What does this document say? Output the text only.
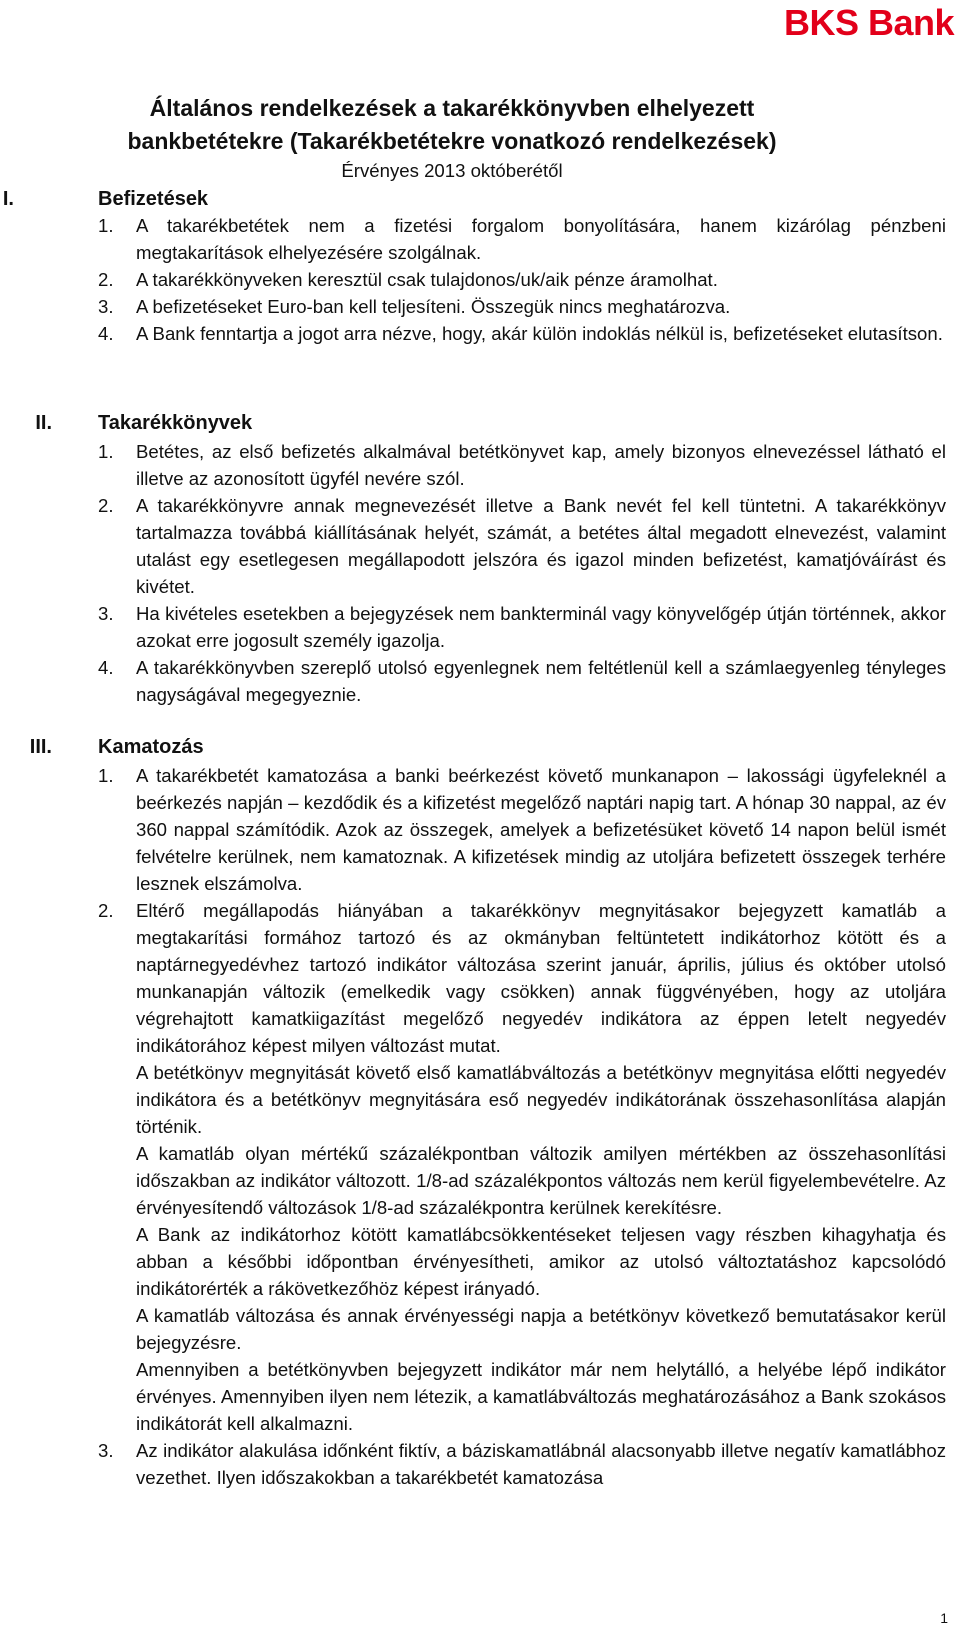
BKS Bank

Általános rendelkezések a takarékkönyvben elhelyezett bankbetétekre (Takarékbetétekre vonatkozó rendelkezések)

Érvényes 2013 októberétől

I.	Befizetések
1. A takarékbetétek nem a fizetési forgalom bonyolítására, hanem kizárólag pénzbeni megtakarítások elhelyezésére szolgálnak.
2. A takarékkönyveken keresztül csak tulajdonos/uk/aik pénze áramolhat.
3. A befizetéseket Euro-ban kell teljesíteni. Összegük nincs meghatározva.
4. A Bank fenntartja a jogot arra nézve, hogy, akár külön indoklás nélkül is, befizetéseket elutasítson.
II. Takarékkönyvek
1. Betétes, az első befizetés alkalmával betétkönyvet kap, amely bizonyos elnevezéssel látható el illetve az azonosított ügyfél nevére szól.
2. A takarékkönyvre annak megnevezését illetve a Bank nevét fel kell tüntetni. A takarékkönyv tartalmazza továbbá kiállításának helyét, számát, a betétes által megadott elnevezést, valamint utalást egy esetlegesen megállapodott jelszóra és igazol minden befizetést, kamatjóváírást és kivétet.
3. Ha kivételes esetekben a bejegyzések nem bankterminál vagy könyvelőgép útján történnek, akkor azokat erre jogosult személy igazolja.
4. A takarékkönyvben szereplő utolsó egyenlegnek nem feltétlenül kell a számlaegyenleg tényleges nagyságával megegyeznie.
III. Kamatozás
1. A takarékbetét kamatozása a banki beérkezést követő munkanapon – lakossági ügyfeleknél a beérkezés napján – kezdődik és a kifizetést megelőző naptári napig tart. A hónap 30 nappal, az év 360 nappal számítódik. Azok az összegek, amelyek a befizetésüket követő 14 napon belül ismét felvételre kerülnek, nem kamatoznak. A kifizetések mindig az utoljára befizetett összegek terhére lesznek elszámolva.
2. Eltérő megállapodás hiányában a takarékkönyv megnyitásakor bejegyzett kamatláb a megtakarítási formához tartozó és az okmányban feltüntetett indikátorhoz kötött és a naptárnegyedévhez tartozó indikátor változása szerint január, április, július és október utolsó munkanapján változik (emelkedik vagy csökken) annak függvényében, hogy az utoljára végrehajtott kamatkiigazítást megelőző negyedév indikátora az éppen letelt negyedév indikátorához képest milyen változást mutat.
A betétkönyv megnyitását követő első kamatlábváltozás a betétkönyv megnyitása előtti negyedév indikátora és a betétkönyv megnyitására eső negyedév indikátorának összehasonlítása alapján történik.
A kamatláb olyan mértékű százalékpontban változik amilyen mértékben az összehasonlítási időszakban az indikátor változott. 1/8-ad százalékpontos változás nem kerül figyelembevételre. Az érvényesítendő változások 1/8-ad százalékpontra kerülnek kerekítésre.
A Bank az indikátorhoz kötött kamatlábcsökkentéseket teljesen vagy részben kihagyhatja és abban a későbbi időpontban érvényesítheti, amikor az utolsó változtatáshoz kapcsolódó indikátorérték a rákövetkezőhöz képest irányadó.
A kamatláb változása és annak érvényességi napja a betétkönyv következő bemutatásakor kerül bejegyzésre.
Amennyiben a betétkönyvben bejegyzett indikátor már nem helytálló, a helyébe lépő indikátor érvényes. Amennyiben ilyen nem létezik, a kamatlábváltozás meghatározásához a Bank szokásos indikátorát kell alkalmazni.
3. Az indikátor alakulása időnként fiktív, a báziskamatlábnál alacsonyabb illetve negatív kamatlábhoz vezethet. Ilyen időszakokban a takarékbetét kamatozása
1
